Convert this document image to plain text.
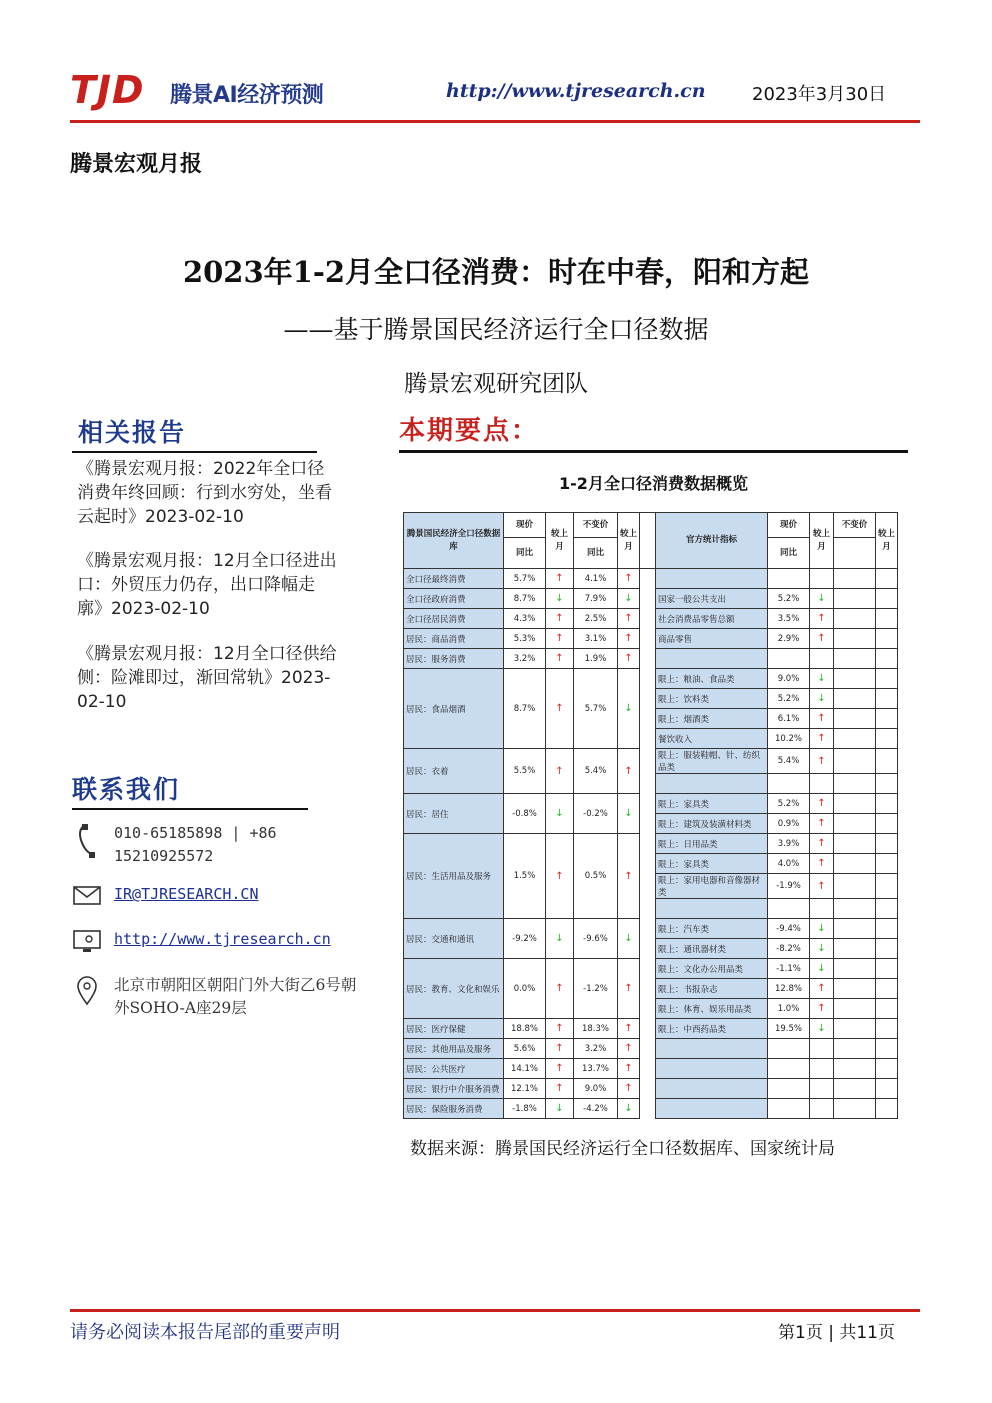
TJD 腾景AI经济预测	http://www.tjresearch.cn	2023年3月30日
腾景宏观月报
2023年1-2月全口径消费：时在中春，阳和方起
——基于腾景国民经济运行全口径数据
腾景宏观研究团队
相关报告
《腾景宏观月报：2022年全口径消费年终回顾：行到水穷处，坐看云起时》2023-02-10
《腾景宏观月报：12月全口径进出口：外贸压力仍存，出口降幅走廓》2023-02-10
《腾景宏观月报：12月全口径供给侧：险滩即过，渐回常轨》2023-02-10
联系我们
010-65185898 | +86 15210925572
IR@TJRESEARCH.CN
http://www.tjresearch.cn
北京市朝阳区朝阳门外大街乙6号朝外SOHO-A座29层
本期要点：
1-2月全口径消费数据概览
腾景国民经济全口径数据库	现价	较上月	不变价	较上月		官方统计指标	现价	较上月	不变价	较上月
	同比		同比				同比			
全口径最终消费	5.7%	↑	4.1%	↑						
全口径政府消费	8.7%	↓	7.9%	↓		国家一般公共支出	5.2%	↓		
全口径居民消费	4.3%	↑	2.5%	↑		社会消费品零售总额	3.5%	↑		
居民：商品消费	5.3%	↑	3.1%	↑		商品零售	2.9%	↑		
居民：服务消费	3.2%	↑	1.9%	↑						
居民：食品烟酒	8.7%	↑	5.7%	↓		限上：粮油、食品类	9.0%	↓		
						限上：饮料类	5.2%	↓		
						限上：烟酒类	6.1%	↑		
						餐饮收入	10.2%	↑		
居民：衣着	5.5%	↑	5.4%	↑		限上：服装鞋帽、针、纺织品类	5.4%	↑		

居民：居住	-0.8%	↓	-0.2%	↓		限上：家具类	5.2%	↑		
						限上：建筑及装潢材料类	0.9%	↑		
居民：生活用品及服务	1.5%	↑	0.5%	↑		限上：日用品类	3.9%	↑		
						限上：家具类	4.0%	↑		
						限上：家用电器和音像器材类	-1.9%	↑		

居民：交通和通讯	-9.2%	↓	-9.6%	↓		限上：汽车类	-9.4%	↓		
						限上：通讯器材类	-8.2%	↓		
居民：教育、文化和娱乐	0.0%	↑	-1.2%	↑		限上：文化办公用品类	-1.1%	↓		
						限上：书报杂志	12.8%	↑		
						限上：体育、娱乐用品类	1.0%	↑		
居民：医疗保健	18.8%	↑	18.3%	↑		限上：中西药品类	19.5%	↓		
居民：其他用品及服务	5.6%	↑	3.2%	↑						
居民：公共医疗	14.1%	↑	13.7%	↑						
居民：银行中介服务消费	12.1%	↑	9.0%	↑						
居民：保险服务消费	-1.8%	↓	-4.2%	↓						
数据来源：腾景国民经济运行全口径数据库、国家统计局
请务必阅读本报告尾部的重要声明	第1页 | 共11页
